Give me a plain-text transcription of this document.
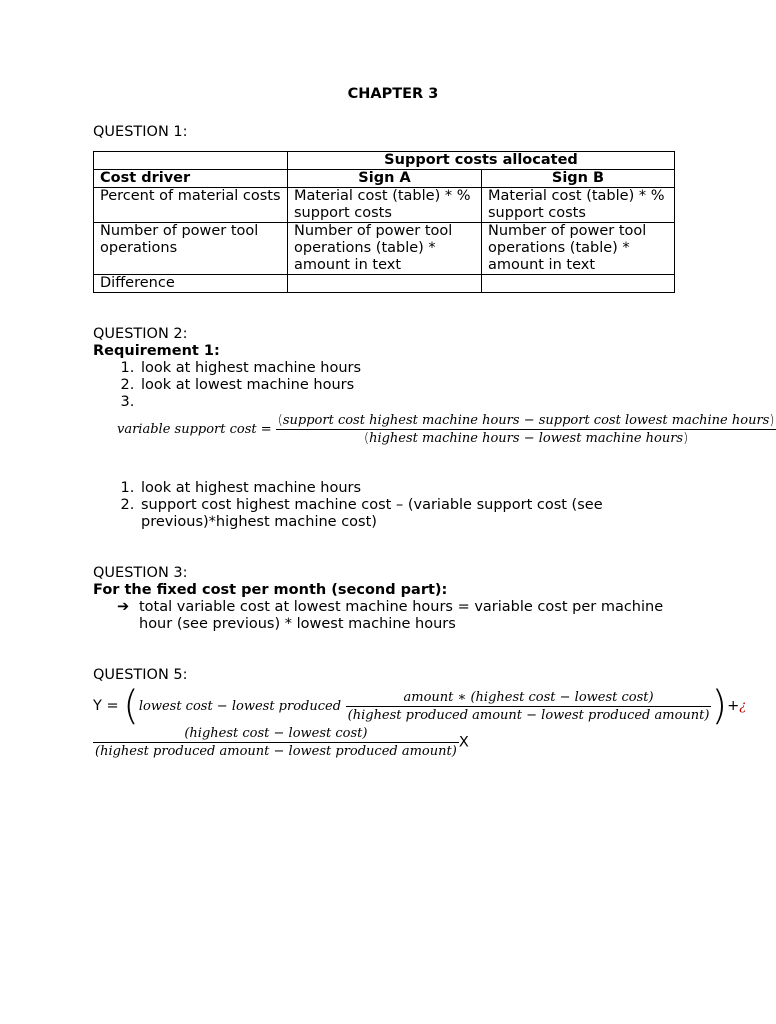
CHAPTER 3
QUESTION 1:
	Support costs allocated	
Cost driver	Sign A	Sign B
Percent of material costs	Material cost (table) * % support costs	Material cost (table) * % support costs
Number of power tool operations	Number of power tool operations (table) * amount in text	Number of power tool operations (table) * amount in text
Difference		
QUESTION 2:
Requirement 1:
1. look at highest machine hours
2. look at lowest machine hours
3.
variable support cost =
(support cost highest machine hours − support cost lowest machine hours)
(highest machine hours − lowest machine hours)
1. look at highest machine hours
2. support cost highest machine cost – (variable support cost (see previous)*highest machine cost)
QUESTION 3:
For the fixed cost per month (second part):
➔ total variable cost at lowest machine hours = variable cost per machine hour (see previous) * lowest machine hours
QUESTION 5:
Y = (lowest cost − lowest produced $\frac{\text{amount ∗ (highest cost − lowest cost)}}{\text{(highest produced amount − lowest produced amount)}}$ )+¿
$\frac{\text{(highest cost − lowest cost)}}{\text{(highest produced amount − lowest produced amount)}}$ X
